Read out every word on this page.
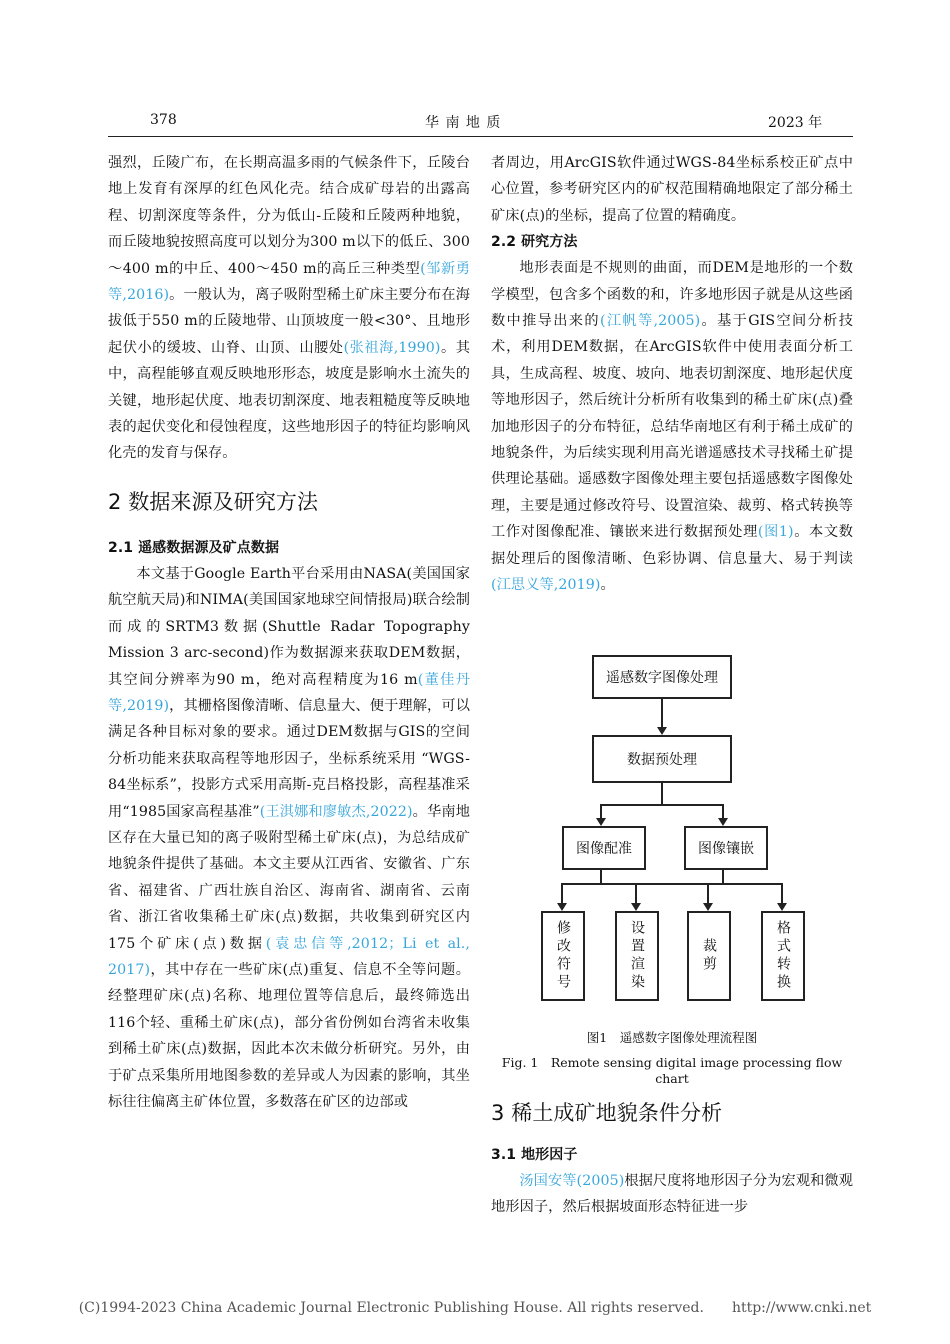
378	华 南 地 质	2023 年

强烈，丘陵广布，在长期高温多雨的气候条件下，丘陵台地上发育有深厚的红色风化壳。结合成矿母岩的出露高程、切割深度等条件，分为低山-丘陵和丘陵两种地貌，而丘陵地貌按照高度可以划分为300 m以下的低丘、300～400 m的中丘、400～450 m的高丘三种类型(邹新勇等,2016)。一般认为，离子吸附型稀土矿床主要分布在海拔低于550 m的丘陵地带、山顶坡度一般<30°、且地形起伏小的缓坡、山脊、山顶、山腰处(张祖海,1990)。其中，高程能够直观反映地形形态，坡度是影响水土流失的关键，地形起伏度、地表切割深度、地表粗糙度等反映地表的起伏变化和侵蚀程度，这些地形因子的特征均影响风化壳的发育与保存。

2 数据来源及研究方法
2.1 遥感数据源及矿点数据

本文基于Google Earth平台采用由NASA(美国国家航空航天局)和NIMA(美国国家地球空间情报局)联合绘制而成的SRTM3数据(Shuttle Radar Topography Mission 3 arc-second)作为数据源来获取DEM数据，其空间分辨率为90 m，绝对高程精度为16 m(董佳丹等,2019)，其栅格图像清晰、信息量大、便于理解，可以满足各种目标对象的要求。通过DEM数据与GIS的空间分析功能来获取高程等地形因子，坐标系统采用 “WGS-84坐标系”，投影方式采用高斯-克吕格投影，高程基准采用“1985国家高程基准”(王淇娜和廖敏杰,2022)。华南地区存在大量已知的离子吸附型稀土矿床(点)，为总结成矿地貌条件提供了基础。本文主要从江西省、安徽省、广东省、福建省、广西壮族自治区、海南省、湖南省、云南省、浙江省收集稀土矿床(点)数据，共收集到研究区内175个矿床(点)数据(袁忠信等,2012；Li et al., 2017)，其中存在一些矿床(点)重复、信息不全等问题。经整理矿床(点)名称、地理位置等信息后，最终筛选出116个轻、重稀土矿床(点)，部分省份例如台湾省未收集到稀土矿床(点)数据，因此本次未做分析研究。另外，由于矿点采集所用地图参数的差异或人为因素的影响，其坐标往往偏离主矿体位置，多数落在矿区的边部或

者周边，用ArcGIS软件通过WGS-84坐标系校正矿点中心位置，参考研究区内的矿权范围精确地限定了部分稀土矿床(点)的坐标，提高了位置的精确度。

2.2 研究方法

地形表面是不规则的曲面，而DEM是地形的一个数学模型，包含多个函数的和，许多地形因子就是从这些函数中推导出来的(江帆等,2005)。基于GIS空间分析技术，利用DEM数据，在ArcGIS软件中使用表面分析工具，生成高程、坡度、坡向、地表切割深度、地形起伏度等地形因子，然后统计分析所有收集到的稀土矿床(点)叠加地形因子的分布特征，总结华南地区有利于稀土成矿的地貌条件，为后续实现利用高光谱遥感技术寻找稀土矿提供理论基础。遥感数字图像处理主要包括遥感数字图像处理，主要是通过修改符号、设置渲染、裁剪、格式转换等工作对图像配准、镶嵌来进行数据预处理(图1)。本文数据处理后的图像清晰、色彩协调、信息量大、易于判读(江思义等,2019)。

遥感数字图像处理
数据预处理
图像配准	图像镶嵌
修改符号	设置渲染	裁剪	格式转换
图1　遥感数字图像处理流程图
Fig. 1　Remote sensing digital image processing flow chart
3 稀土成矿地貌条件分析
3.1 地形因子

汤国安等(2005)根据尺度将地形因子分为宏观和微观地形因子，然后根据坡面形态特征进一步

(C)1994-2023 China Academic Journal Electronic Publishing House. All rights reserved.　　http://www.cnki.net
